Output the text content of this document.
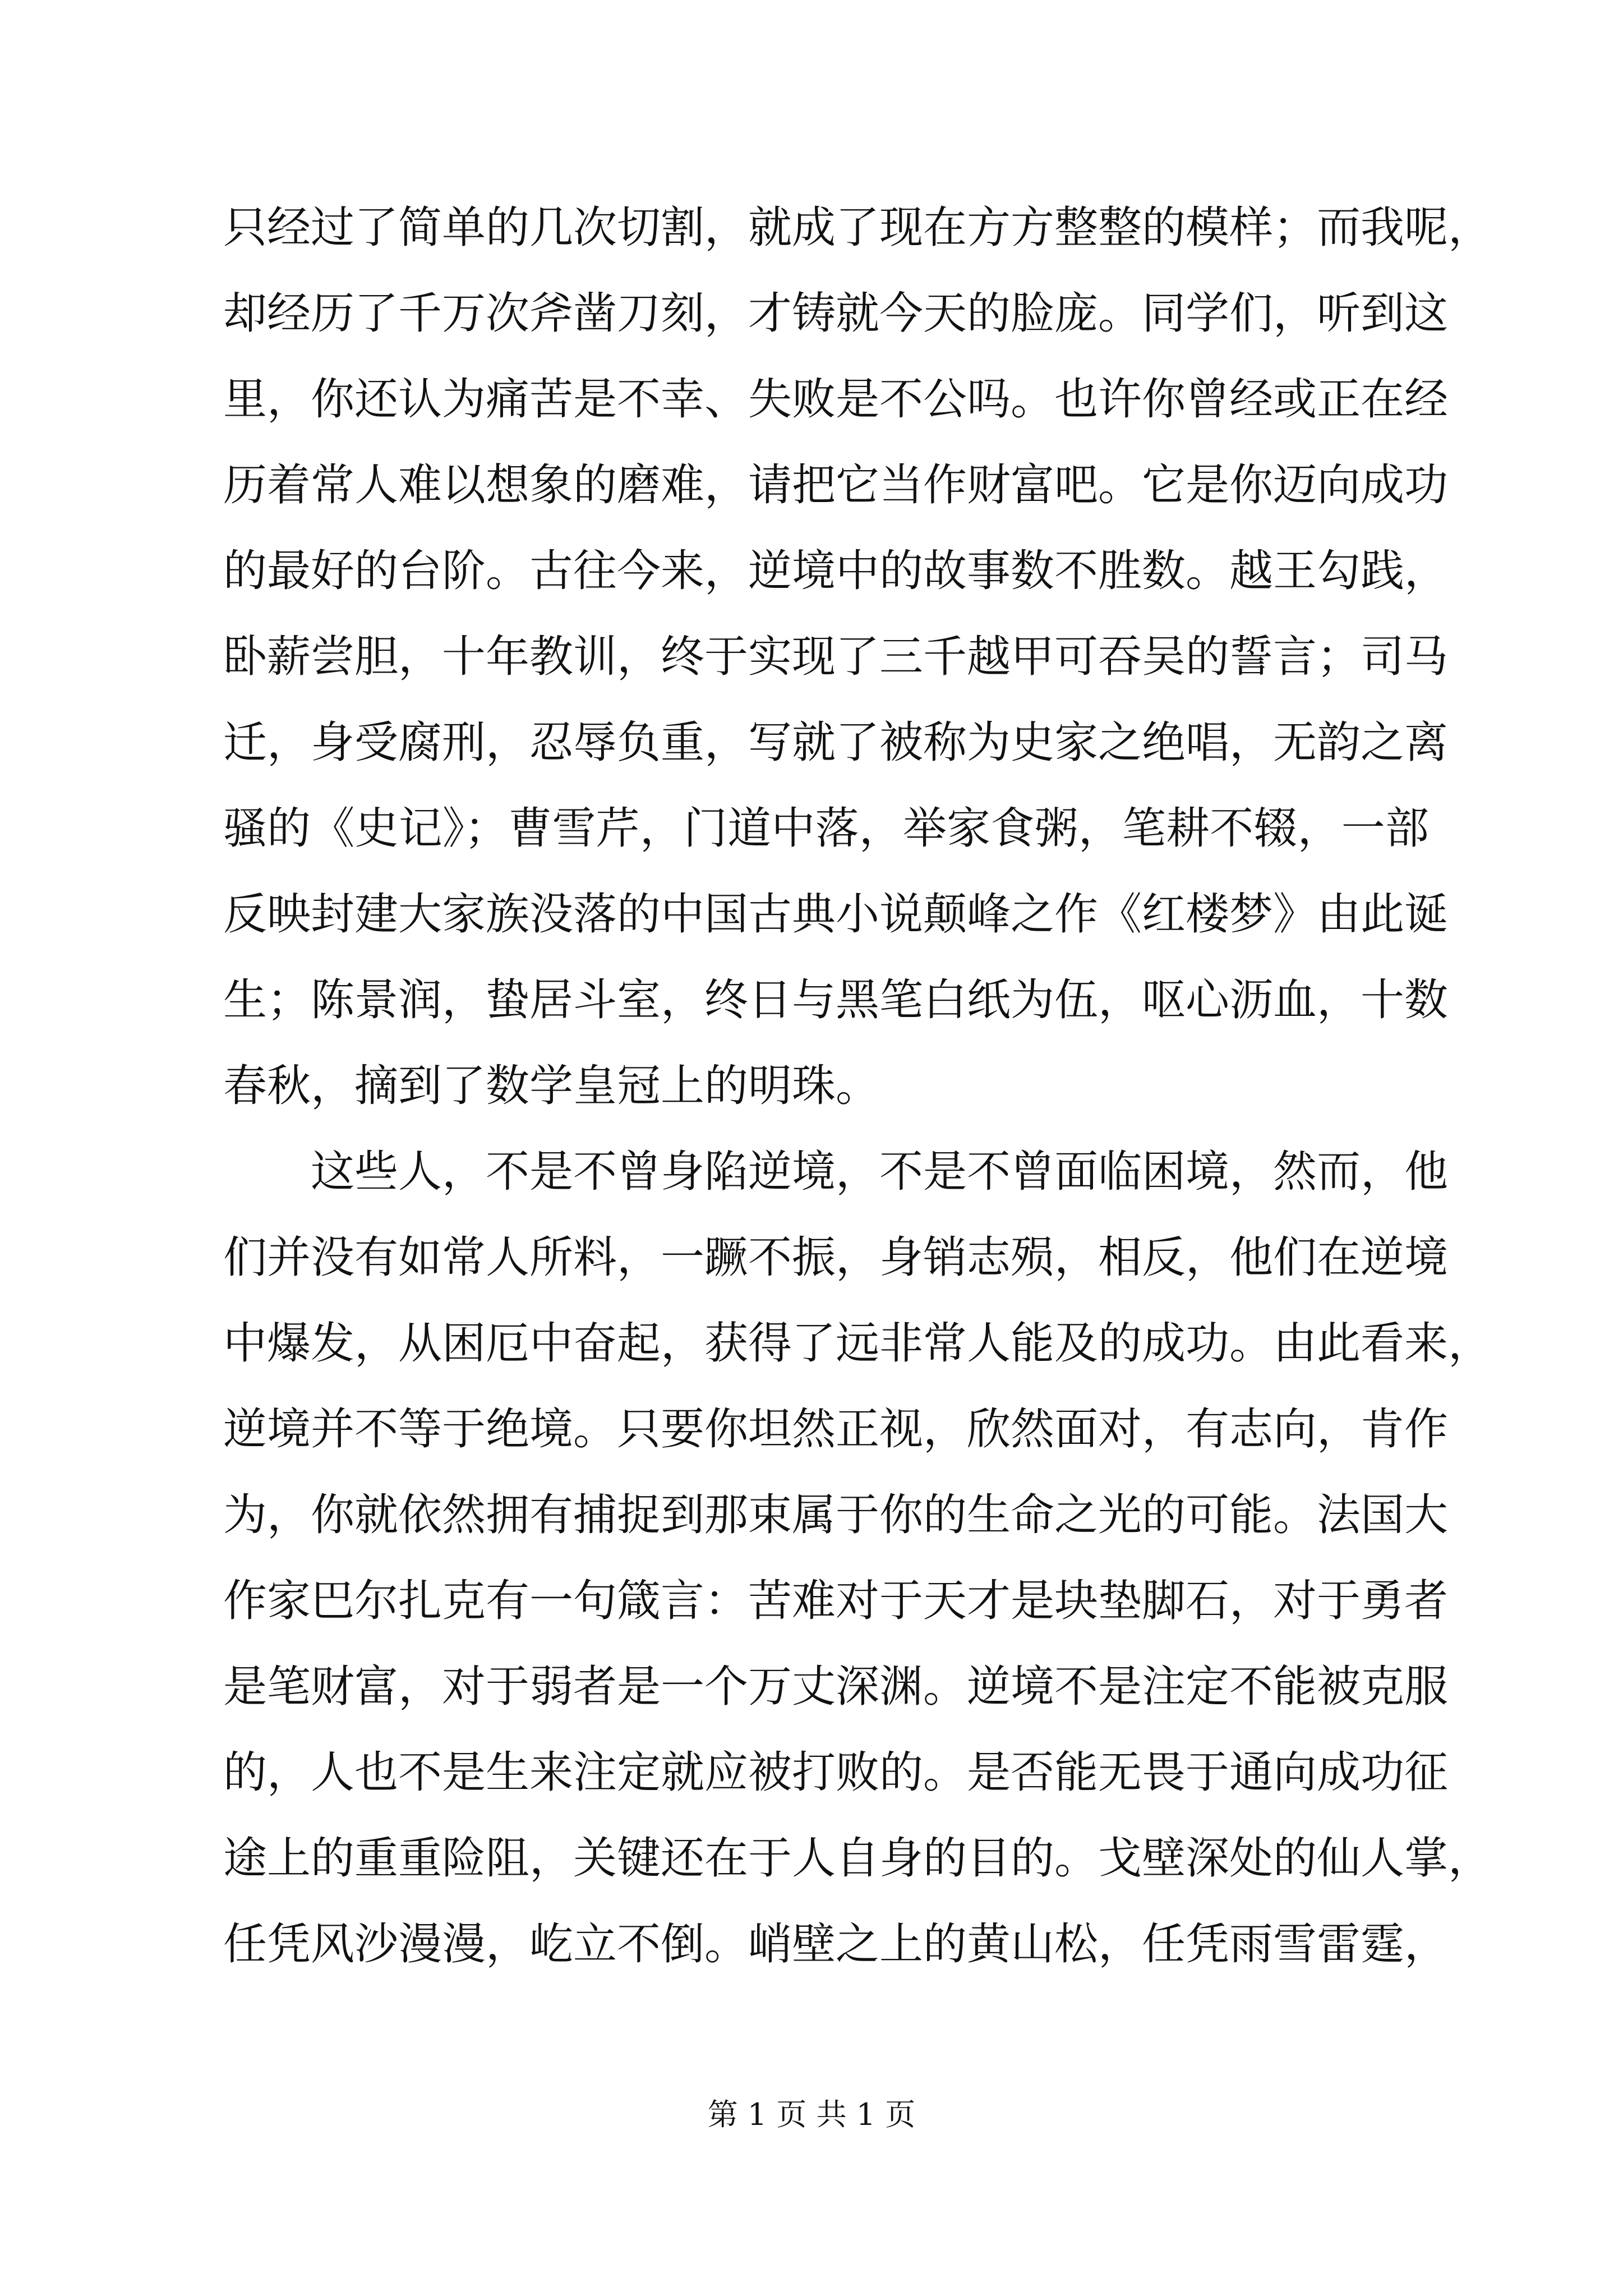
只经过了简单的几次切割，就成了现在方方整整的模样；而我呢，
却经历了千万次斧凿刀刻，才铸就今天的脸庞。同学们，听到这
里，你还认为痛苦是不幸、失败是不公吗。也许你曾经或正在经
历着常人难以想象的磨难，请把它当作财富吧。它是你迈向成功
的最好的台阶。古往今来，逆境中的故事数不胜数。越王勾践，
卧薪尝胆，十年教训，终于实现了三千越甲可吞吴的誓言；司马
迁，身受腐刑，忍辱负重，写就了被称为史家之绝唱，无韵之离
骚的《史记》；曹雪芹，门道中落，举家食粥，笔耕不辍，一部
反映封建大家族没落的中国古典小说颠峰之作《红楼梦》由此诞
生；陈景润，蛰居斗室，终日与黑笔白纸为伍，呕心沥血，十数
春秋，摘到了数学皇冠上的明珠。
这些人，不是不曾身陷逆境，不是不曾面临困境，然而，他
们并没有如常人所料，一蹶不振，身销志殒，相反，他们在逆境
中爆发，从困厄中奋起，获得了远非常人能及的成功。由此看来，
逆境并不等于绝境。只要你坦然正视，欣然面对，有志向，肯作
为，你就依然拥有捕捉到那束属于你的生命之光的可能。法国大
作家巴尔扎克有一句箴言：苦难对于天才是块垫脚石，对于勇者
是笔财富，对于弱者是一个万丈深渊。逆境不是注定不能被克服
的，人也不是生来注定就应被打败的。是否能无畏于通向成功征
途上的重重险阻，关键还在于人自身的目的。戈壁深处的仙人掌，
任凭风沙漫漫，屹立不倒。峭壁之上的黄山松，任凭雨雪雷霆，
第 1 页 共 1 页
